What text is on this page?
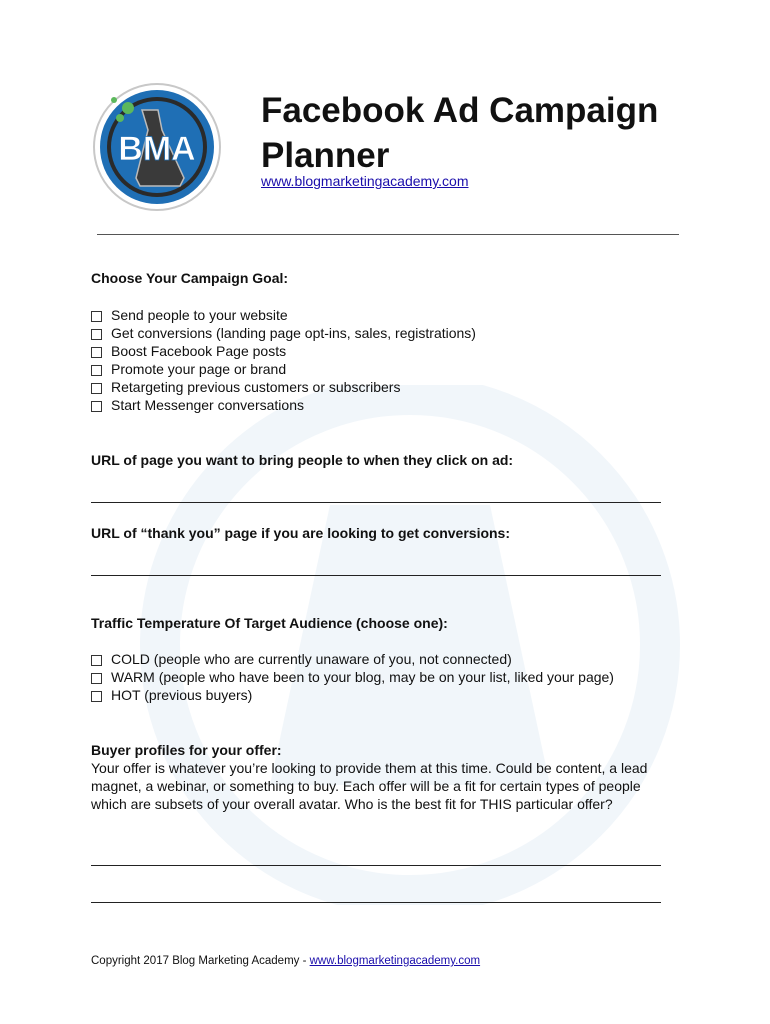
BMA
Facebook Ad Campaign
Planner
www.blogmarketingacademy.com
Choose Your Campaign Goal:
Send people to your website
Get conversions (landing page opt-ins, sales, registrations)
Boost Facebook Page posts
Promote your page or brand
Retargeting previous customers or subscribers
Start Messenger conversations
URL of page you want to bring people to when they click on ad:
URL of “thank you” page if you are looking to get conversions:
Traffic Temperature Of Target Audience (choose one):
COLD (people who are currently unaware of you, not connected)
WARM (people who have been to your blog, may be on your list, liked your page)
HOT (previous buyers)
Buyer profiles for your offer:

Your offer is whatever you’re looking to provide them at this time. Could be content, a lead magnet, a webinar, or something to buy. Each offer will be a fit for certain types of people which are subsets of your overall avatar. Who is the best fit for THIS particular offer?

Copyright 2017 Blog Marketing Academy - www.blogmarketingacademy.com
